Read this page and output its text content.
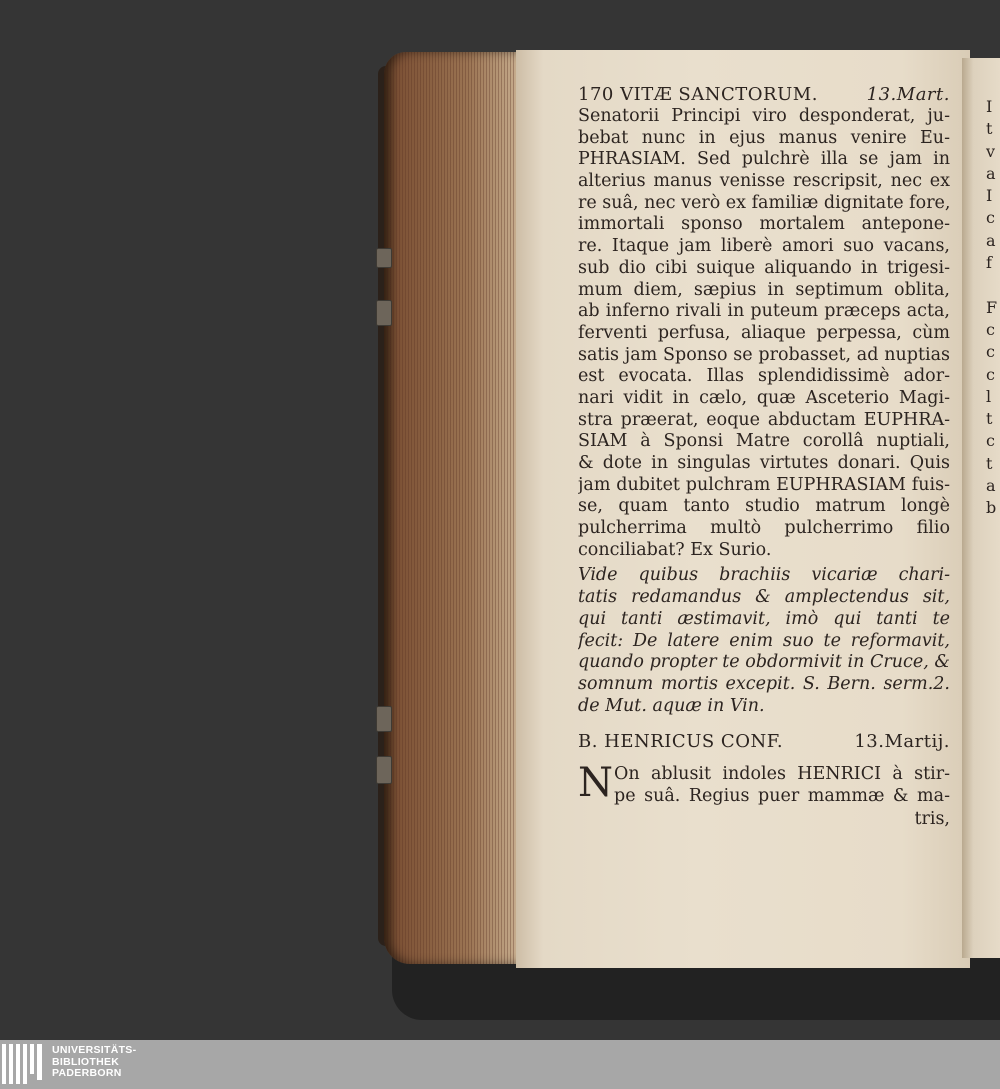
170 VITÆ SANCTORUM.	13.Mart.
Senatorii Principi viro desponderat, ju-
bebat nunc in ejus manus venire Eu-
PHRASIAM. Sed pulchrè illa se jam in
alterius manus venisse rescripsit, nec ex
re suâ, nec verò ex familiæ dignitate fore,
immortali sponso mortalem antepone-
re. Itaque jam liberè amori suo vacans,
sub dio cibi suique aliquando in trigesi-
mum diem, sæpius in septimum oblita,
ab inferno rivali in puteum præceps acta,
ferventi perfusa, aliaque perpessa, cùm
satis jam Sponso se probasset, ad nuptias
est evocata. Illas splendidissimè ador-
nari vidit in cælo, quæ Asceterio Magi-
stra præerat, eoque abductam EUPHRA-
SIAM à Sponsi Matre corollâ nuptiali,
& dote in singulas virtutes donari. Quis
jam dubitet pulchram EUPHRASIAM fuis-
se, quam tanto studio matrum longè
pulcherrima multò pulcherrimo filio
conciliabat? Ex Surio.
Vide quibus brachiis vicariæ chari-
tatis redamandus & amplectendus sit,
qui tanti æstimavit, imò qui tanti te
fecit: De latere enim suo te reformavit,
quando propter te obdormivit in Cruce, &
somnum mortis excepit. S. Bern. serm.2.
de Mut. aquæ in Vin.
B. HENRICUS CONF.	13.Martij.
N On ablusit indoles HENRICI à stir-
pe suâ. Regius puer mammæ & ma-
tris,
I
t
v
a
I
c
a
f
F
c
c
c
l
t
c
t
a
b
UNIVERSITÄTS-
BIBLIOTHEK
PADERBORN
